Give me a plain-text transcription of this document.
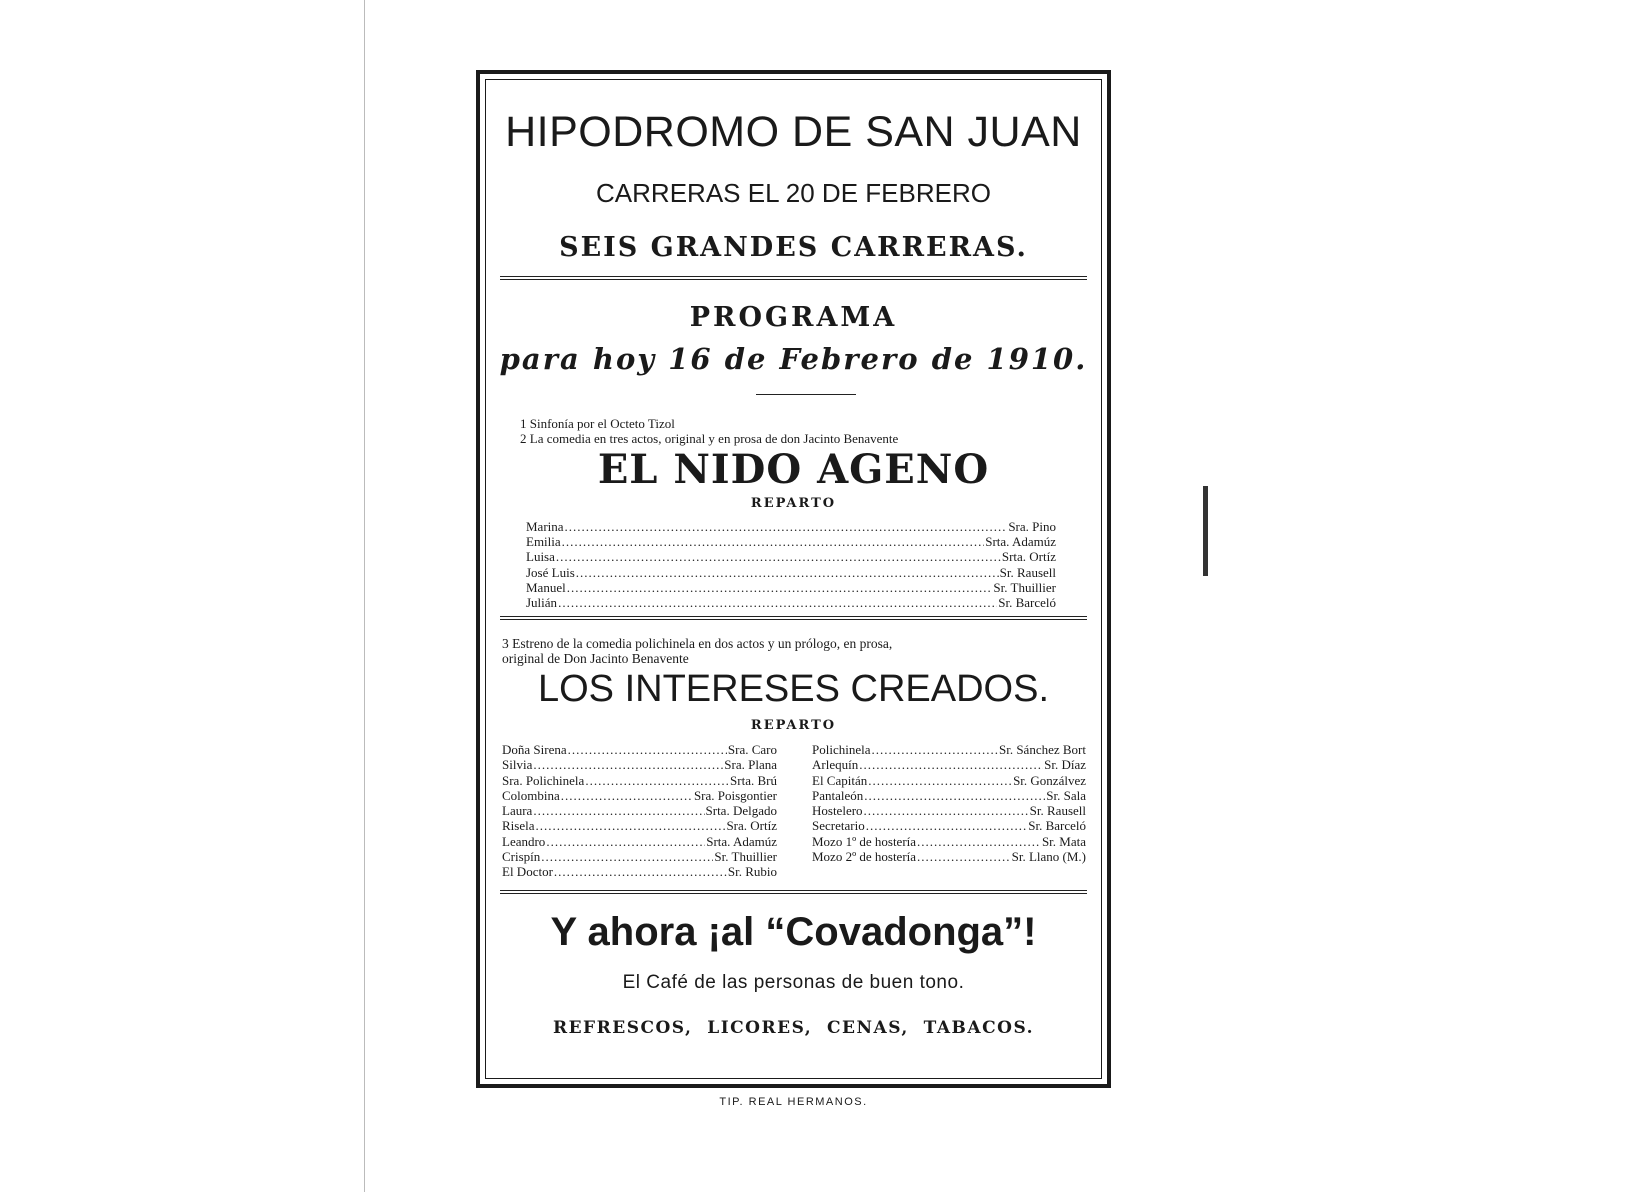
HIPODROMO DE SAN JUAN
CARRERAS EL 20 DE FEBRERO
SEIS GRANDES CARRERAS.
PROGRAMA
para hoy 16 de Febrero de 1910.
1 Sinfonía por el Octeto Tizol
2 La comedia en tres actos, original y en prosa de don Jacinto Benavente
EL NIDO AGENO
REPARTO
Marina .....	Sra. Pino
Emilia .....	Srta. Adamúz
Luisa .....	Srta. Ortíz
José Luis .....	Sr. Rausell
Manuel .....	Sr. Thuillier
Julián .....	Sr. Barceló
3 Estreno de la comedia polichinela en dos actos y un prólogo, en prosa,
original de Don Jacinto Benavente
LOS INTERESES CREADOS.
REPARTO
Doña Sirena .....	Sra. Caro
Silvia .....	Sra. Plana
Sra. Polichinela .....	Srta. Brú
Colombina .....	Sra. Poisgontier
Laura .....	Srta. Delgado
Risela .....	Sra. Ortíz
Leandro .....	Srta. Adamúz
Crispín .....	Sr. Thuillier
El Doctor .....	Sr. Rubio
Polichinela .....	Sr. Sánchez Bort
Arlequín .....	Sr. Díaz
El Capitán .....	Sr. Gonzálvez
Pantaleón .....	Sr. Sala
Hostelero .....	Sr. Rausell
Secretario .....	Sr. Barceló
Mozo 1º de hostería .....	Sr. Mata
Mozo 2º de hostería .....	Sr. Llano (M.)
Y ahora ¡al “Covadonga”!
El Café de las personas de buen tono.
REFRESCOS,  LICORES,  CENAS,  TABACOS.
TIP. REAL HERMANOS.
